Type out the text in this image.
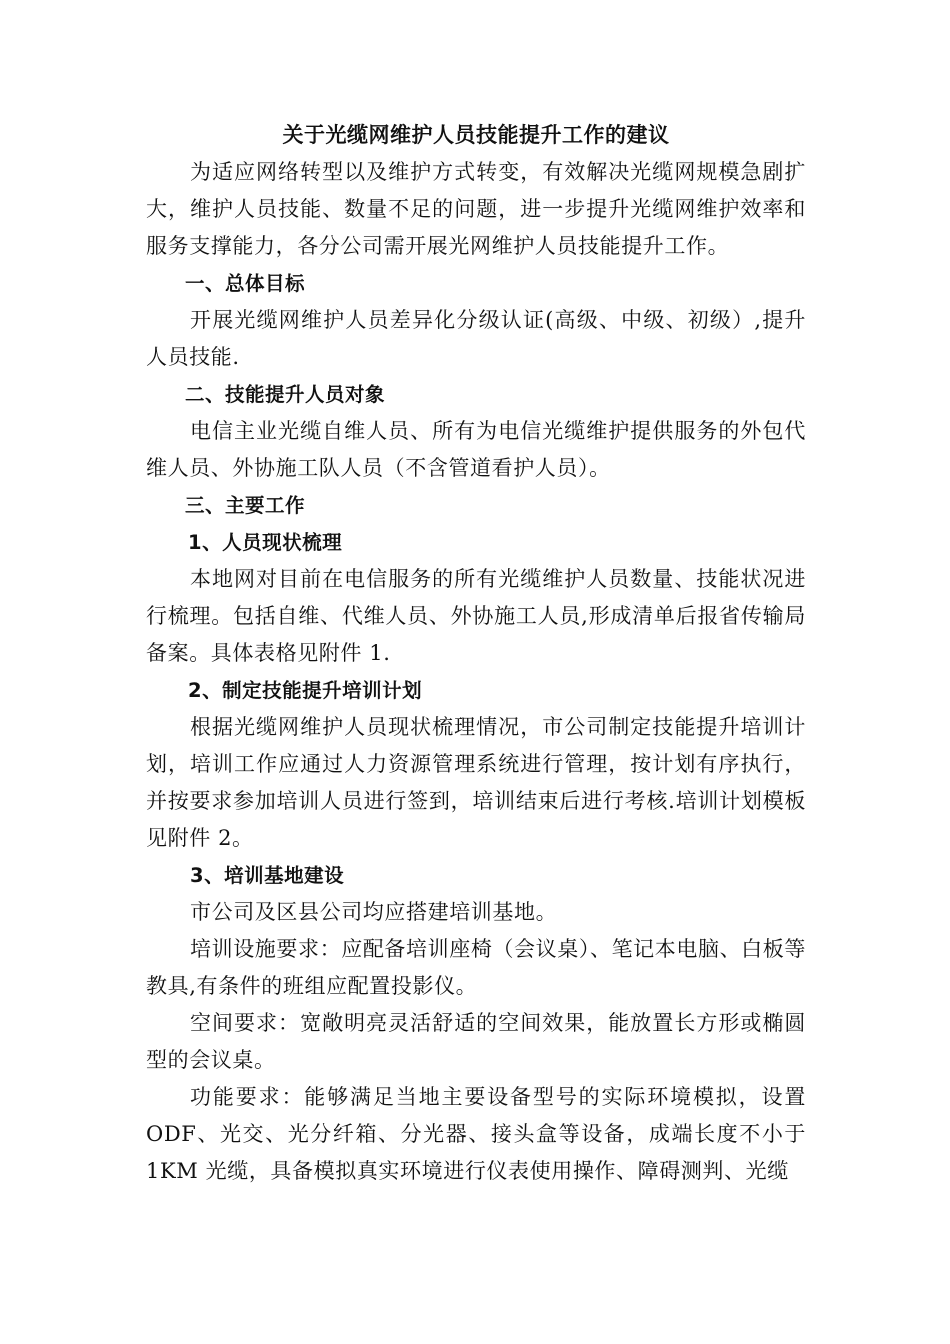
关于光缆网维护人员技能提升工作的建议

为适应网络转型以及维护方式转变，有效解决光缆网规模急剧扩大，维护人员技能、数量不足的问题，进一步提升光缆网维护效率和服务支撑能力，各分公司需开展光网维护人员技能提升工作。

一、总体目标

开展光缆网维护人员差异化分级认证(高级、中级、初级）,提升人员技能.

二、技能提升人员对象

电信主业光缆自维人员、所有为电信光缆维护提供服务的外包代维人员、外协施工队人员（不含管道看护人员）。

三、主要工作

1、人员现状梳理

本地网对目前在电信服务的所有光缆维护人员数量、技能状况进行梳理。包括自维、代维人员、外协施工人员,形成清单后报省传输局备案。具体表格见附件 1.

2、制定技能提升培训计划

根据光缆网维护人员现状梳理情况，市公司制定技能提升培训计划，培训工作应通过人力资源管理系统进行管理，按计划有序执行，并按要求参加培训人员进行签到，培训结束后进行考核.培训计划模板见附件 2。

3、培训基地建设

市公司及区县公司均应搭建培训基地。

培训设施要求：应配备培训座椅（会议桌）、笔记本电脑、白板等教具,有条件的班组应配置投影仪。

空间要求：宽敞明亮灵活舒适的空间效果，能放置长方形或椭圆型的会议桌。

功能要求：能够满足当地主要设备型号的实际环境模拟，设置ODF、光交、光分纤箱、分光器、接头盒等设备，成端长度不小于1KM 光缆，具备模拟真实环境进行仪表使用操作、障碍测判、光缆
